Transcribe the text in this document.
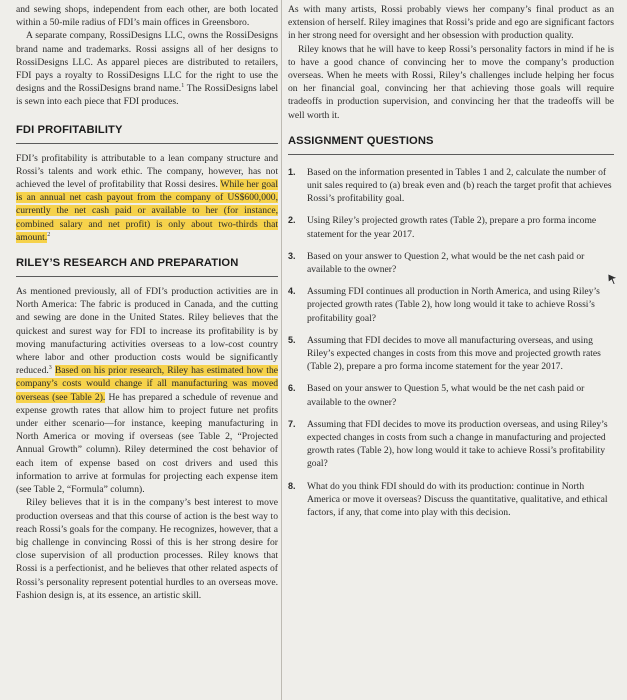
and sewing shops, independent from each other, are both located within a 50-mile radius of FDI’s main offices in Greensboro.

A separate company, RossiDesigns LLC, owns the RossiDesigns brand name and trademarks. Rossi assigns all of her designs to RossiDesigns LLC. As apparel pieces are distributed to retailers, FDI pays a royalty to RossiDesigns LLC for the right to use the designs and the RossiDesigns brand name.$^1$ The RossiDesigns label is sewn into each piece that FDI produces.

FDI PROFITABILITY

FDI’s profitability is attributable to a lean company structure and Rossi’s talents and work ethic. The company, however, has not achieved the level of profitability that Rossi desires. While her goal is an annual net cash payout from the company of US$600,000, currently the net cash paid or available to her (for instance, combined salary and net profit) is only about two-thirds that amount.$^2$

RILEY’S RESEARCH AND PREPARATION

As mentioned previously, all of FDI’s production activities are in North America: The fabric is produced in Canada, and the cutting and sewing are done in the United States. Riley believes that the quickest and surest way for FDI to increase its profitability is by moving manufacturing activities overseas to a low-cost country where labor and other production costs would be significantly reduced.$^3$ Based on his prior research, Riley has estimated how the company’s costs would change if all manufacturing was moved overseas (see Table 2). He has prepared a schedule of revenue and expense growth rates that allow him to project future net profits under either scenario—for instance, keeping manufacturing in North America or moving if overseas (see Table 2, “Projected Annual Growth” column). Riley determined the cost behavior of each item of expense based on cost drivers and used this information to arrive at formulas for projecting each expense item (see Table 2, “Formula” column).

Riley believes that it is in the company’s best interest to move production overseas and that this course of action is the best way to reach Rossi’s goals for the company. He recognizes, however, that a big challenge in convincing Rossi of this is her strong desire for close supervision of all production processes. Riley knows that Rossi is a perfectionist, and he believes that other related aspects of Rossi’s personality represent potential hurdles to an overseas move. Fashion design is, at its essence, an artistic skill.

As with many artists, Rossi probably views her company’s final product as an extension of herself. Riley imagines that Rossi’s pride and ego are significant factors in her strong need for oversight and her obsession with production quality.

Riley knows that he will have to keep Rossi’s personality factors in mind if he is to have a good chance of convincing her to move the company’s production overseas. When he meets with Rossi, Riley’s challenges include helping her focus on her financial goal, convincing her that achieving those goals will require tradeoffs in production supervision, and convincing her that the tradeoffs will be well worth it.

ASSIGNMENT QUESTIONS
1. Based on the information presented in Tables 1 and 2, calculate the number of unit sales required to (a) break even and (b) reach the target profit that achieves Rossi’s profitability goal.

2. Using Riley’s projected growth rates (Table 2), prepare a pro forma income statement for the year 2017.

3. Based on your answer to Question 2, what would be the net cash paid or available to the owner?

4. Assuming FDI continues all production in North America, and using Riley’s projected growth rates (Table 2), how long would it take to achieve Rossi’s profitability goal?

5. Assuming that FDI decides to move all manufacturing overseas, and using Riley’s expected changes in costs from this move and projected growth rates (Table 2), prepare a pro forma income statement for the year 2017.

6. Based on your answer to Question 5, what would be the net cash paid or available to the owner?

7. Assuming that FDI decides to move its production overseas, and using Riley’s expected changes in costs from such a change in manufacturing and projected growth rates (Table 2), how long would it take to achieve Rossi’s profitability goal?

8. What do you think FDI should do with its production: continue in North America or move it overseas? Discuss the quantitative, qualitative, and ethical factors, if any, that come into play with this decision.
